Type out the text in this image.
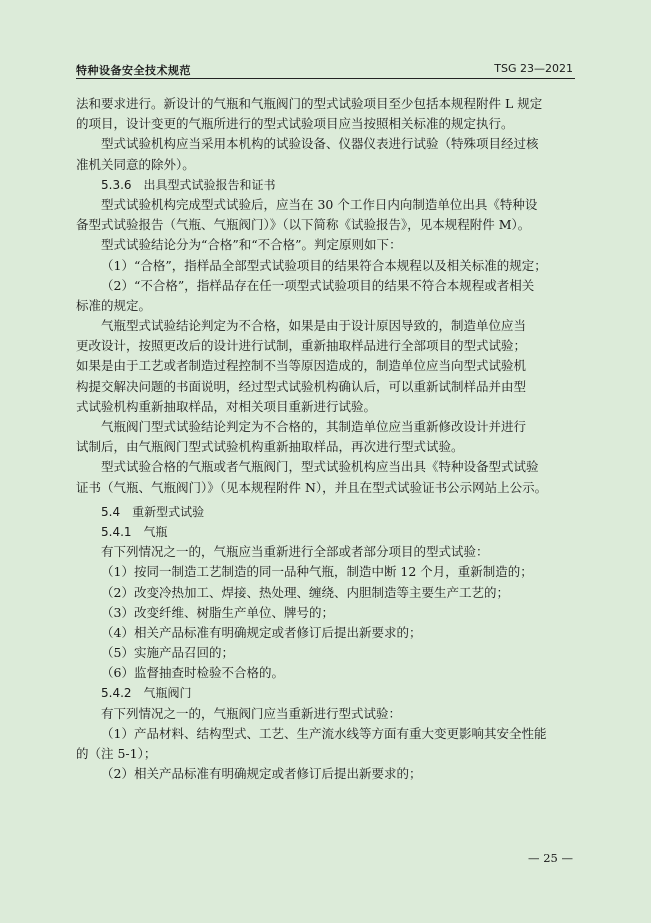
特种设备安全技术规范	TSG 23—2021
法和要求进行。新设计的气瓶和气瓶阀门的型式试验项目至少包括本规程附件 L 规定
的项目，设计变更的气瓶所进行的型式试验项目应当按照相关标准的规定执行。
型式试验机构应当采用本机构的试验设备、仪器仪表进行试验（特殊项目经过核
准机关同意的除外）。
5.3.6　出具型式试验报告和证书
型式试验机构完成型式试验后，应当在 30 个工作日内向制造单位出具《特种设
备型式试验报告（气瓶、气瓶阀门）》（以下简称《试验报告》，见本规程附件 M）。
型式试验结论分为“合格”和“不合格”。判定原则如下：
（1）“合格”，指样品全部型式试验项目的结果符合本规程以及相关标准的规定；
（2）“不合格”，指样品存在任一项型式试验项目的结果不符合本规程或者相关
标准的规定。
气瓶型式试验结论判定为不合格，如果是由于设计原因导致的，制造单位应当
更改设计，按照更改后的设计进行试制，重新抽取样品进行全部项目的型式试验；
如果是由于工艺或者制造过程控制不当等原因造成的，制造单位应当向型式试验机
构提交解决问题的书面说明，经过型式试验机构确认后，可以重新试制样品并由型
式试验机构重新抽取样品，对相关项目重新进行试验。
气瓶阀门型式试验结论判定为不合格的，其制造单位应当重新修改设计并进行
试制后，由气瓶阀门型式试验机构重新抽取样品，再次进行型式试验。
型式试验合格的气瓶或者气瓶阀门，型式试验机构应当出具《特种设备型式试验
证书（气瓶、气瓶阀门）》（见本规程附件 N），并且在型式试验证书公示网站上公示。
5.4　重新型式试验
5.4.1　气瓶
有下列情况之一的，气瓶应当重新进行全部或者部分项目的型式试验：
（1）按同一制造工艺制造的同一品种气瓶，制造中断 12 个月，重新制造的；
（2）改变冷热加工、焊接、热处理、缠绕、内胆制造等主要生产工艺的；
（3）改变纤维、树脂生产单位、牌号的；
（4）相关产品标准有明确规定或者修订后提出新要求的；
（5）实施产品召回的；
（6）监督抽查时检验不合格的。
5.4.2　气瓶阀门
有下列情况之一的，气瓶阀门应当重新进行型式试验：
（1）产品材料、结构型式、工艺、生产流水线等方面有重大变更影响其安全性能
的（注 5-1）；
（2）相关产品标准有明确规定或者修订后提出新要求的；
— 25 —
